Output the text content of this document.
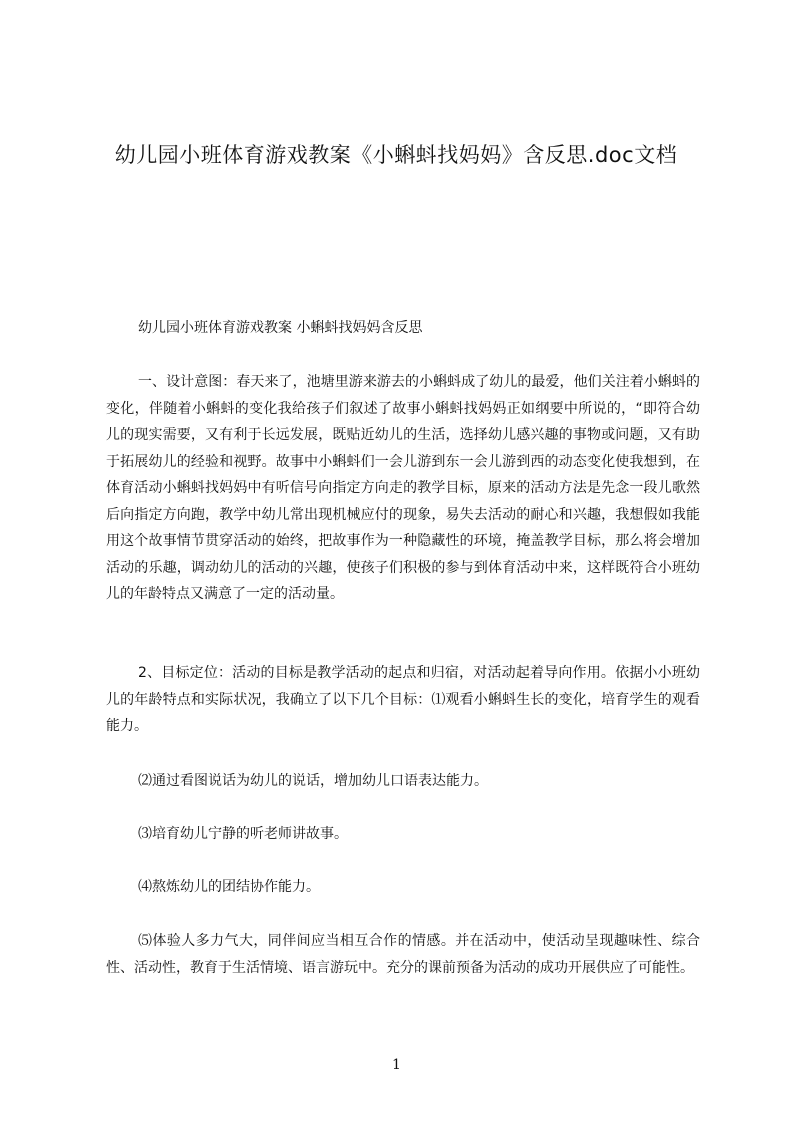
幼儿园小班体育游戏教案《小蝌蚪找妈妈》含反思.doc文档
幼儿园小班体育游戏教案 小蝌蚪找妈妈含反思

一、设计意图：春天来了，池塘里游来游去的小蝌蚪成了幼儿的最爱，他们关注着小蝌蚪的变化，伴随着小蝌蚪的变化我给孩子们叙述了故事小蝌蚪找妈妈正如纲要中所说的，“即符合幼儿的现实需要，又有利于长远发展，既贴近幼儿的生活，选择幼儿感兴趣的事物或问题，又有助于拓展幼儿的经验和视野。故事中小蝌蚪们一会儿游到东一会儿游到西的动态变化使我想到，在体育活动小蝌蚪找妈妈中有听信号向指定方向走的教学目标，原来的活动方法是先念一段儿歌然后向指定方向跑，教学中幼儿常出现机械应付的现象，易失去活动的耐心和兴趣，我想假如我能用这个故事情节贯穿活动的始终，把故事作为一种隐藏性的环境，掩盖教学目标，那么将会增加活动的乐趣，调动幼儿的活动的兴趣，使孩子们积极的参与到体育活动中来，这样既符合小班幼儿的年龄特点又满意了一定的活动量。

2、目标定位：活动的目标是教学活动的起点和归宿，对活动起着导向作用。依据小小班幼儿的年龄特点和实际状况，我确立了以下几个目标：⑴观看小蝌蚪生长的变化，培育学生的观看能力。

⑵通过看图说话为幼儿的说话，增加幼儿口语表达能力。

⑶培育幼儿宁静的听老师讲故事。

⑷熬炼幼儿的团结协作能力。

⑸体验人多力气大，同伴间应当相互合作的情感。并在活动中，使活动呈现趣味性、综合性、活动性，教育于生活情境、语言游玩中。充分的课前预备为活动的成功开展供应了可能性。

1
